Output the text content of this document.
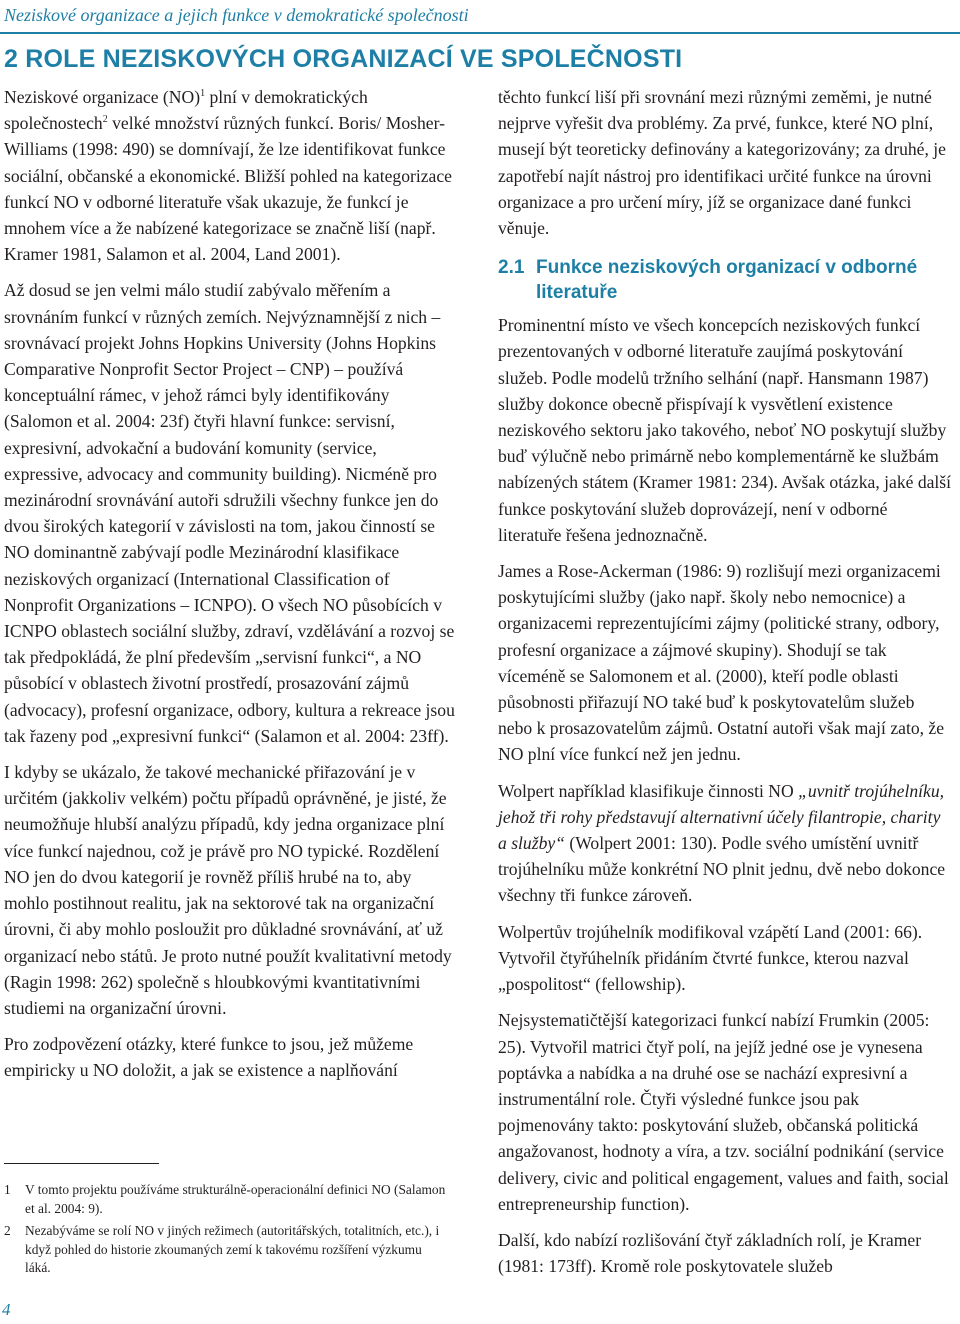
Neziskové organizace a jejich funkce v demokratické společnosti
2 ROLE NEZISKOVÝCH ORGANIZACÍ VE SPOLEČNOSTI

Neziskové organizace (NO)$^1$ plní v demokratických společnostech$^2$ velké množství různých funkcí. Boris/ Mosher-Williams (1998: 490) se domnívají, že lze identifikovat funkce sociální, občanské a ekonomické. Bližší pohled na kategorizace funkcí NO v odborné literatuře však ukazuje, že funkcí je mnohem více a že nabízené kategorizace se značně liší (např. Kramer 1981, Salamon et al. 2004, Land 2001).

Až dosud se jen velmi málo studií zabývalo měřením a srovnáním funkcí v různých zemích. Nejvýznamnější z nich – srovnávací projekt Johns Hopkins University (Johns Hopkins Comparative Nonprofit Sector Project – CNP) – používá konceptuální rámec, v jehož rámci byly identifikovány (Salomon et al. 2004: 23f) čtyři hlavní funkce: servisní, expresivní, advokační a budování komunity (service, expressive, advocacy and community building). Nicméně pro mezinárodní srovnávání autoři sdružili všechny funkce jen do dvou širokých kategorií v závislosti na tom, jakou činností se NO dominantně zabývají podle Mezinárodní klasifikace neziskových organizací (International Classification of Nonprofit Organizations – ICNPO). O všech NO působících v ICNPO oblastech sociální služby, zdraví, vzdělávání a rozvoj se tak předpokládá, že plní především „servisní funkci“, a NO působící v oblastech životní prostředí, prosazování zájmů (advocacy), profesní organizace, odbory, kultura a rekreace jsou tak řazeny pod „expresivní funkci“ (Salamon et al. 2004: 23ff).

I kdyby se ukázalo, že takové mechanické přiřazování je v určitém (jakkoliv velkém) počtu případů oprávněné, je jisté, že neumožňuje hlubší analýzu případů, kdy jedna organizace plní více funkcí najednou, což je právě pro NO typické. Rozdělení NO jen do dvou kategorií je rovněž příliš hrubé na to, aby mohlo postihnout realitu, jak na sektorové tak na organizační úrovni, či aby mohlo posloužit pro důkladné srovnávání, ať už organizací nebo států. Je proto nutné použít kvalitativní metody (Ragin 1998: 262) společně s hloubkovými kvantitativními studiemi na organizační úrovni.

Pro zodpovězení otázky, které funkce to jsou, jež můžeme empiricky u NO doložit, a jak se existence a naplňování

těchto funkcí liší při srovnání mezi různými zeměmi, je nutné nejprve vyřešit dva problémy. Za prvé, funkce, které NO plní, musejí být teoreticky definovány a kategorizovány; za druhé, je zapotřebí najít nástroj pro identifikaci určité funkce na úrovni organizace a pro určení míry, jíž se organizace dané funkci věnuje.

2.1 Funkce neziskových organizací v odborné literatuře

Prominentní místo ve všech koncepcích neziskových funkcí prezentovaných v odborné literatuře zaujímá poskytování služeb. Podle modelů tržního selhání (např. Hansmann 1987) služby dokonce obecně přispívají k vysvětlení existence neziskového sektoru jako takového, neboť NO poskytují služby buď výlučně nebo primárně nebo komplementárně ke službám nabízených státem (Kramer 1981: 234). Avšak otázka, jaké další funkce poskytování služeb doprovázejí, není v odborné literatuře řešena jednoznačně.

James a Rose-Ackerman (1986: 9) rozlišují mezi organizacemi poskytujícími služby (jako např. školy nebo nemocnice) a organizacemi reprezentujícími zájmy (politické strany, odbory, profesní organizace a zájmové skupiny). Shodují se tak víceméně se Salomonem et al. (2000), kteří podle oblasti působnosti přiřazují NO také buď k poskytovatelům služeb nebo k prosazovatelům zájmů. Ostatní autoři však mají zato, že NO plní více funkcí než jen jednu.

Wolpert například klasifikuje činnosti NO „uvnitř trojúhelníku, jehož tři rohy představují alternativní účely filantropie, charity a služby“ (Wolpert 2001: 130). Podle svého umístění uvnitř trojúhelníku může konkrétní NO plnit jednu, dvě nebo dokonce všechny tři funkce zároveň.

Wolpertův trojúhelník modifikoval vzápětí Land (2001: 66). Vytvořil čtyřúhelník přidáním čtvrté funkce, kterou nazval „pospolitost“ (fellowship).

Nejsystematičtější kategorizaci funkcí nabízí Frumkin (2005: 25). Vytvořil matrici čtyř polí, na jejíž jedné ose je vynesena poptávka a nabídka a na druhé ose se nachází expresivní a instrumentální role. Čtyři výsledné funkce jsou pak pojmenovány takto: poskytování služeb, občanská politická angažovanost, hodnoty a víra, a tzv. sociální podnikání (service delivery, civic and political engagement, values and faith, social entrepreneurship function).

Další, kdo nabízí rozlišování čtyř základních rolí, je Kramer (1981: 173ff). Kromě role poskytovatele služeb

1	V tomto projektu používáme strukturálně-operacionální definici NO (Salamon et al. 2004: 9).
2	Nezabýváme se rolí NO v jiných režimech (autoritářských, totalitních, etc.), i když pohled do historie zkoumaných zemí k takovému rozšíření výzkumu láká.
4
